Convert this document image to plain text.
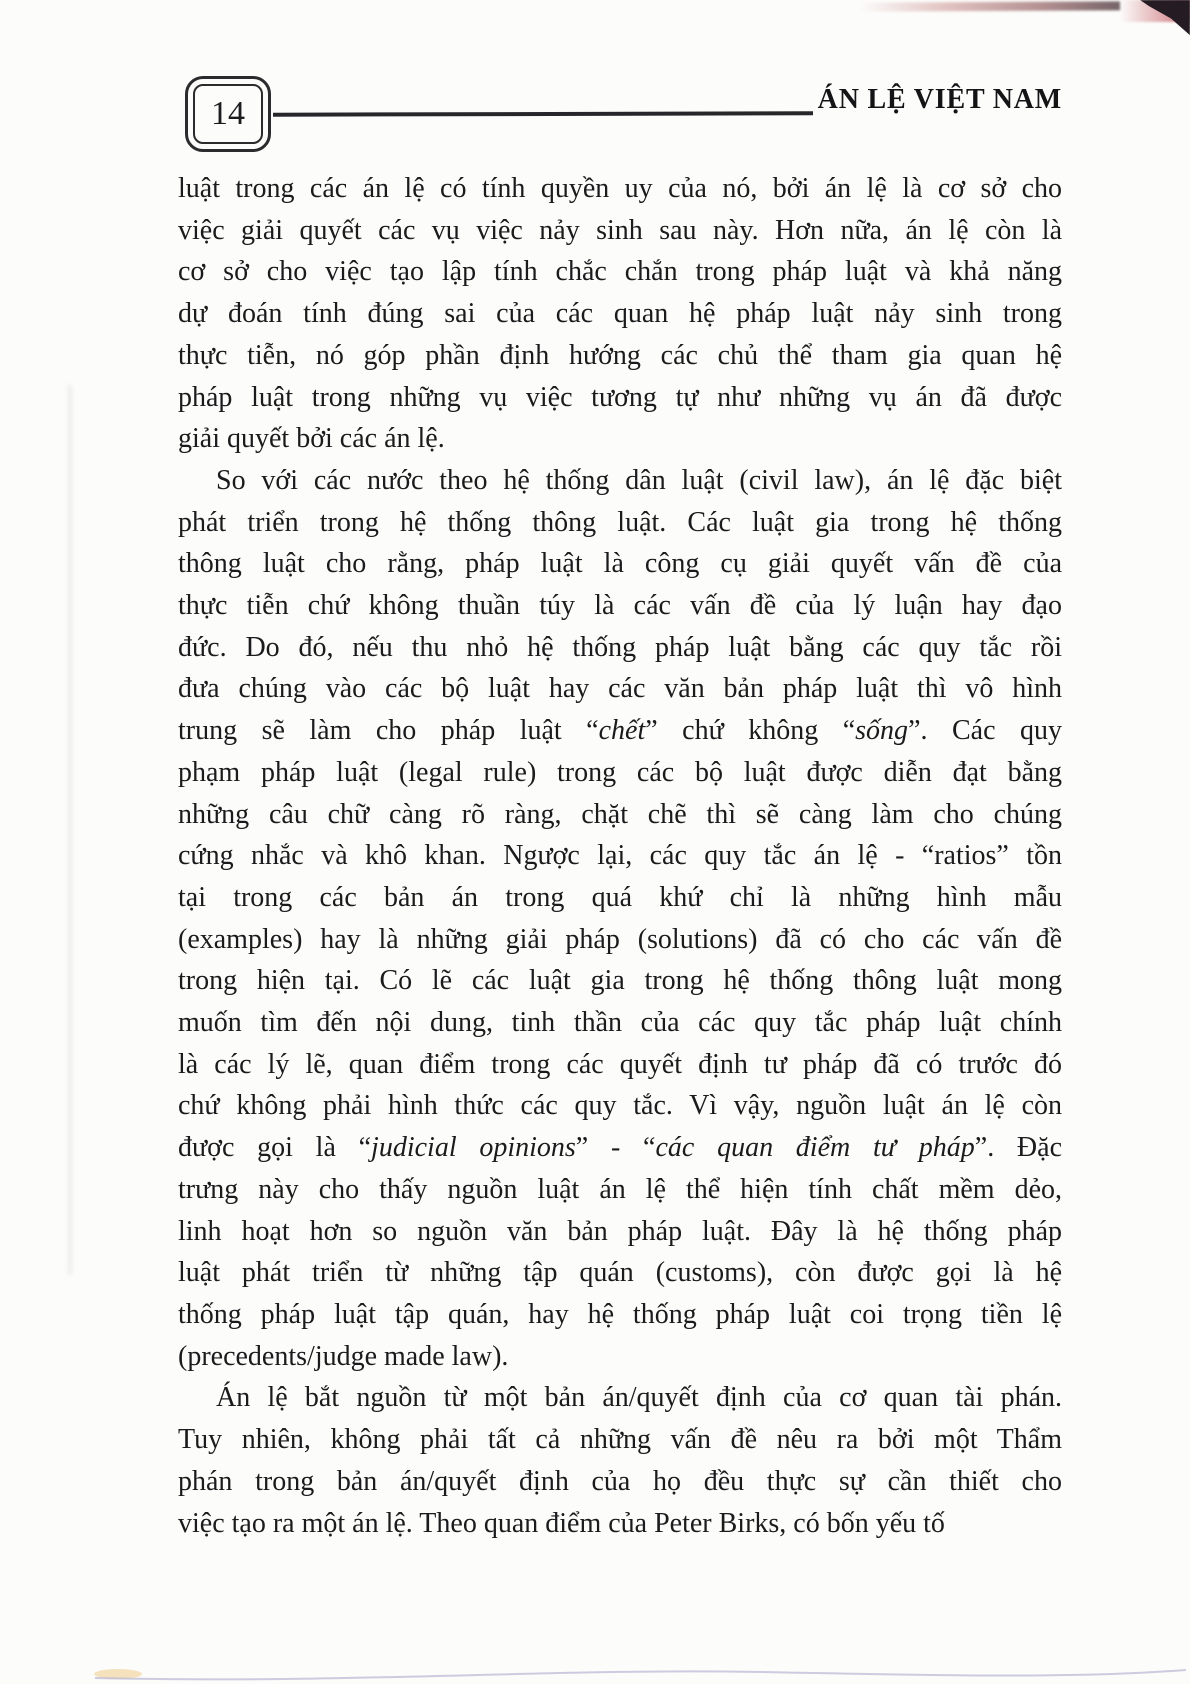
14	ÁN LỆ VIỆT NAM
luật trong các án lệ có tính quyền uy của nó, bởi án lệ là cơ sở cho
việc giải quyết các vụ việc nảy sinh sau này. Hơn nữa, án lệ còn là
cơ sở cho việc tạo lập tính chắc chắn trong pháp luật và khả năng
dự đoán tính đúng sai của các quan hệ pháp luật nảy sinh trong
thực tiễn, nó góp phần định hướng các chủ thể tham gia quan hệ
pháp luật trong những vụ việc tương tự như những vụ án đã được
giải quyết bởi các án lệ.
So với các nước theo hệ thống dân luật (civil law), án lệ đặc biệt
phát triển trong hệ thống thông luật. Các luật gia trong hệ thống
thông luật cho rằng, pháp luật là công cụ giải quyết vấn đề của
thực tiễn chứ không thuần túy là các vấn đề của lý luận hay đạo
đức. Do đó, nếu thu nhỏ hệ thống pháp luật bằng các quy tắc rồi
đưa chúng vào các bộ luật hay các văn bản pháp luật thì vô hình
trung sẽ làm cho pháp luật “chết” chứ không “sống”. Các quy
phạm pháp luật (legal rule) trong các bộ luật được diễn đạt bằng
những câu chữ càng rõ ràng, chặt chẽ thì sẽ càng làm cho chúng
cứng nhắc và khô khan. Ngược lại, các quy tắc án lệ - “ratios” tồn
tại trong các bản án trong quá khứ chỉ là những hình mẫu
(examples) hay là những giải pháp (solutions) đã có cho các vấn đề
trong hiện tại. Có lẽ các luật gia trong hệ thống thông luật mong
muốn tìm đến nội dung, tinh thần của các quy tắc pháp luật chính
là các lý lẽ, quan điểm trong các quyết định tư pháp đã có trước đó
chứ không phải hình thức các quy tắc. Vì vậy, nguồn luật án lệ còn
được gọi là “judicial opinions” - “các quan điểm tư pháp”. Đặc
trưng này cho thấy nguồn luật án lệ thể hiện tính chất mềm dẻo,
linh hoạt hơn so nguồn văn bản pháp luật. Đây là hệ thống pháp
luật phát triển từ những tập quán (customs), còn được gọi là hệ
thống pháp luật tập quán, hay hệ thống pháp luật coi trọng tiền lệ
(precedents/judge made law).
Án lệ bắt nguồn từ một bản án/quyết định của cơ quan tài phán.
Tuy nhiên, không phải tất cả những vấn đề nêu ra bởi một Thẩm
phán trong bản án/quyết định của họ đều thực sự cần thiết cho
việc tạo ra một án lệ. Theo quan điểm của Peter Birks, có bốn yếu tố
